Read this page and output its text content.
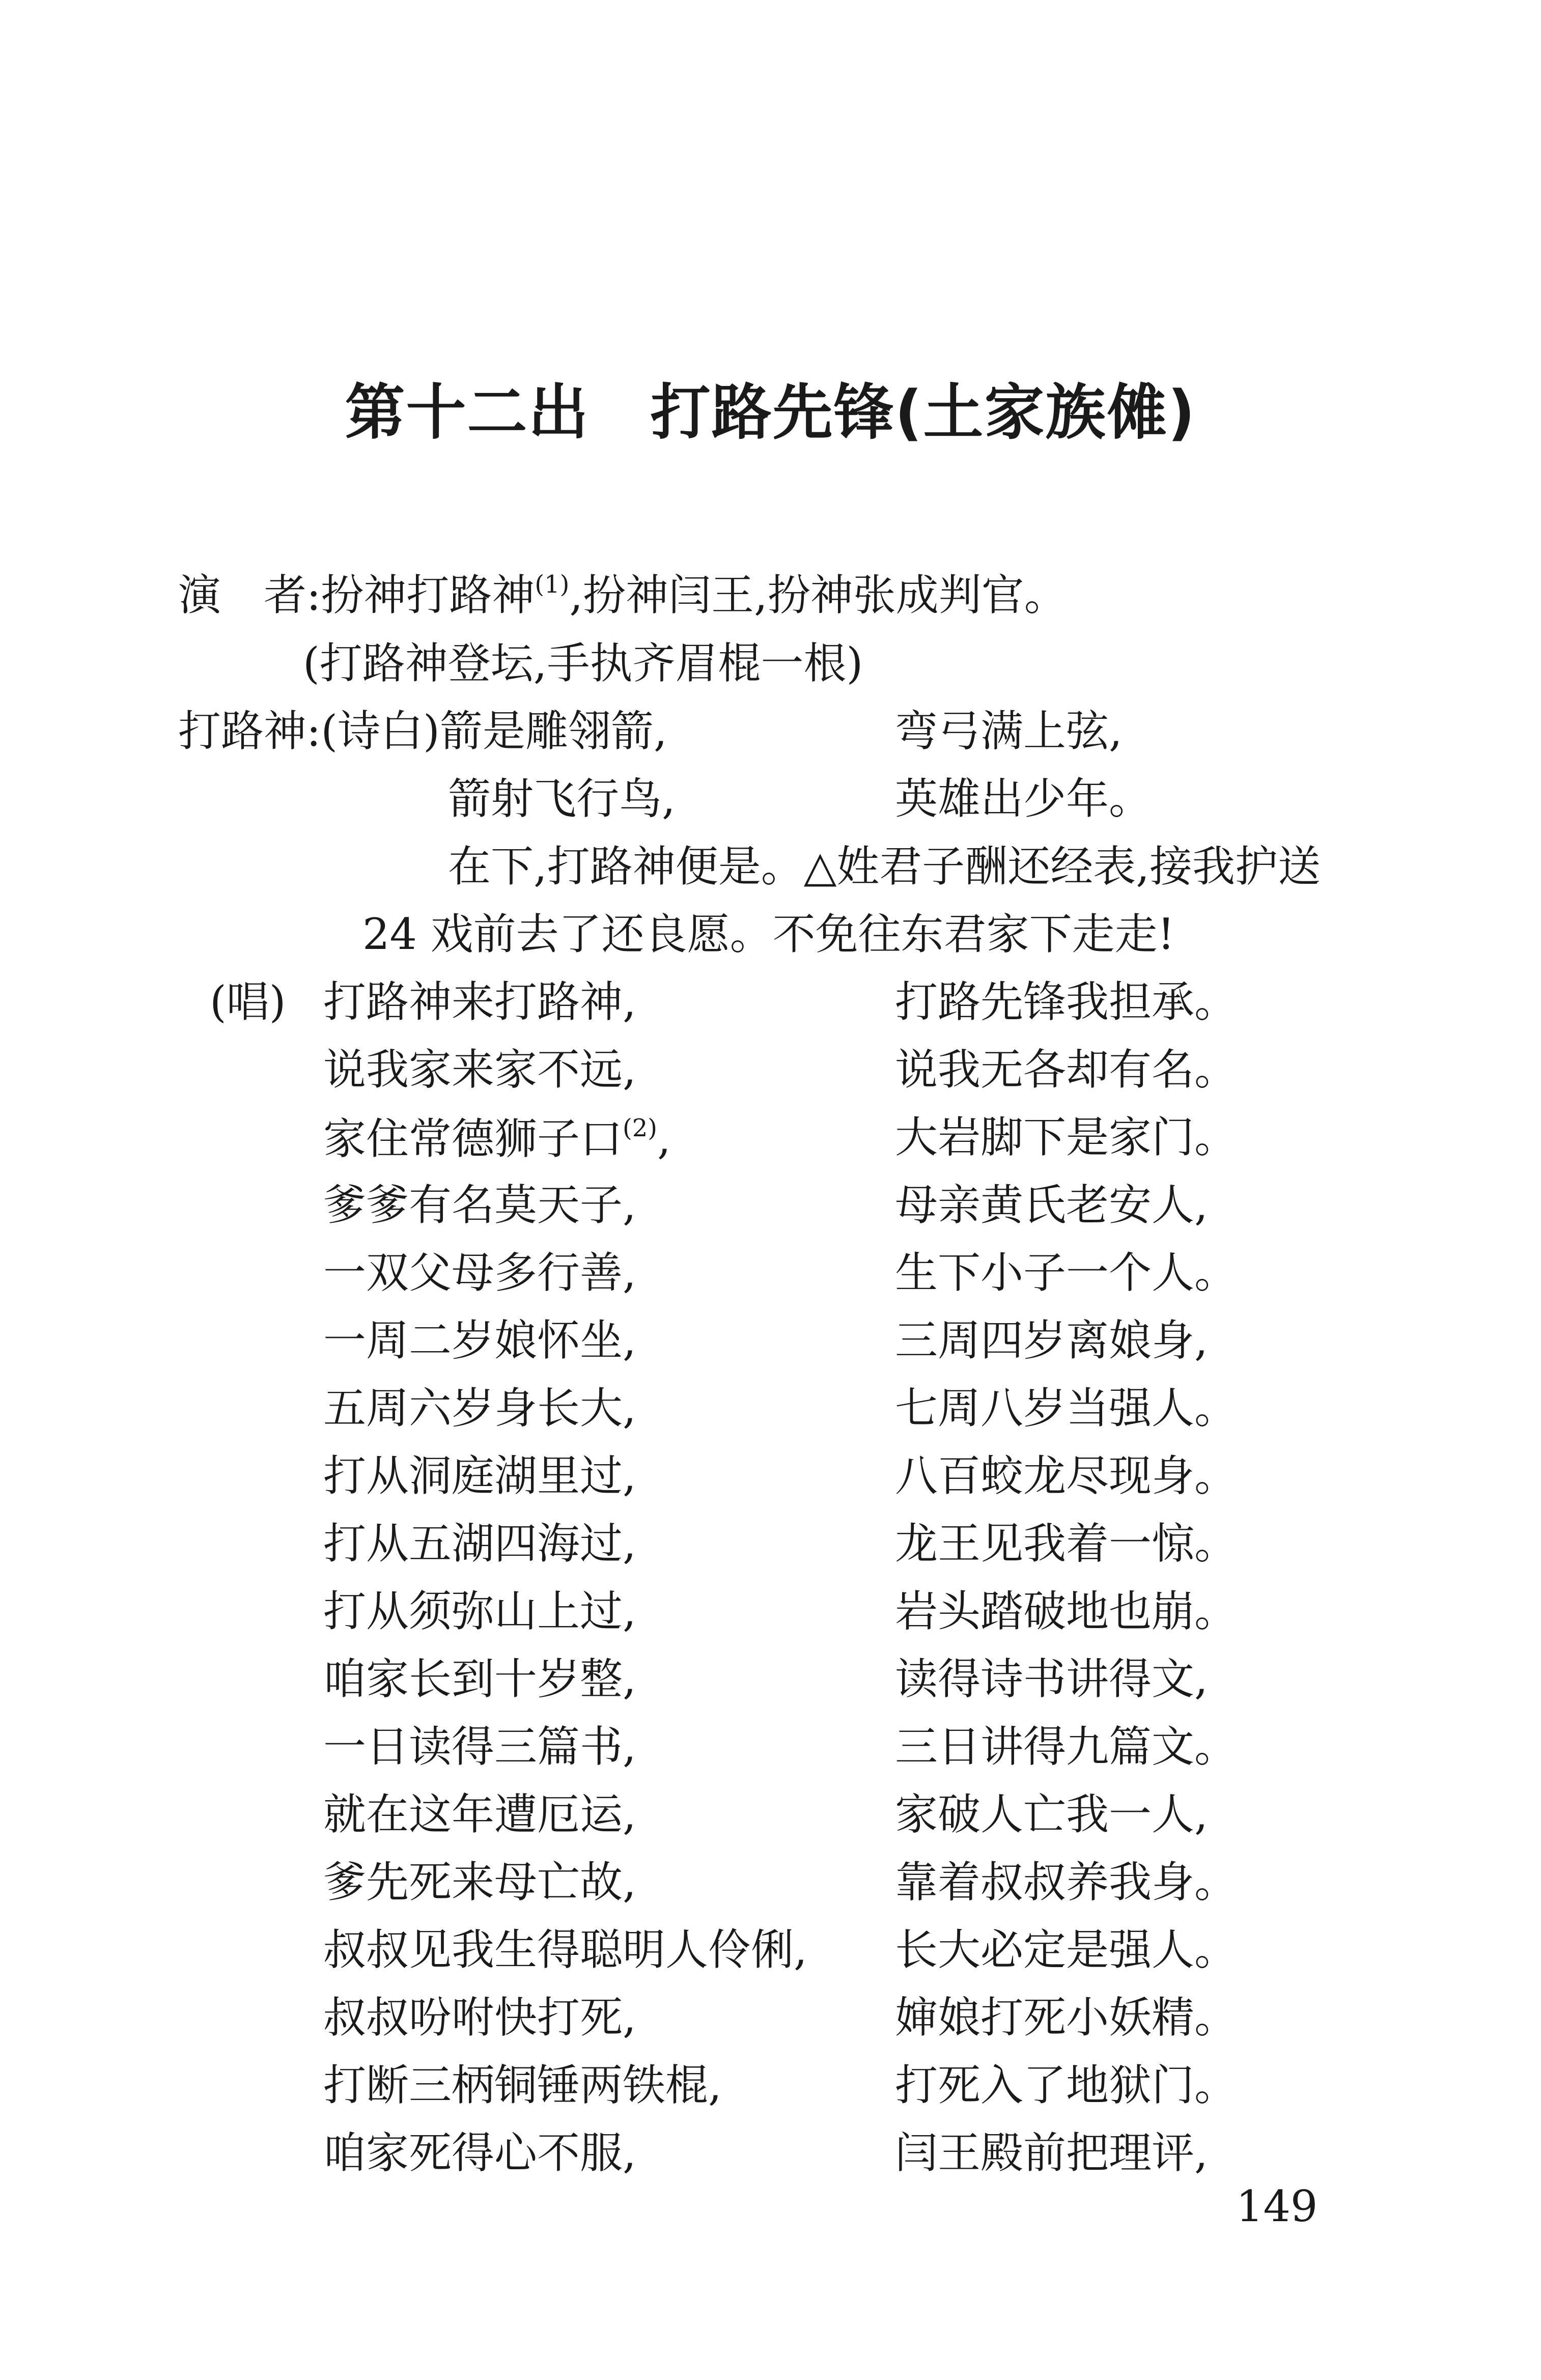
第十二出 打路先锋(土家族傩)
演　者:扮神打路神$^{(1)}$,扮神闫王,扮神张成判官。
(打路神登坛,手执齐眉棍一根)
打路神:(诗白)箭是雕翎箭,	弯弓满上弦,
箭射飞行鸟,	英雄出少年。
在下,打路神便是。△姓君子酬还经表,接我护送
24 戏前去了还良愿。不免往东君家下走走!
(唱) 打路神来打路神,	打路先锋我担承。
说我家来家不远,	说我无各却有名。
家住常德狮子口$^{(2)}$,	大岩脚下是家门。
爹爹有名莫天子,	母亲黄氏老安人,
一双父母多行善,	生下小子一个人。
一周二岁娘怀坐,	三周四岁离娘身,
五周六岁身长大,	七周八岁当强人。
打从洞庭湖里过,	八百蛟龙尽现身。
打从五湖四海过,	龙王见我着一惊。
打从须弥山上过,	岩头踏破地也崩。
咱家长到十岁整,	读得诗书讲得文,
一日读得三篇书,	三日讲得九篇文。
就在这年遭厄运,	家破人亡我一人,
爹先死来母亡故,	靠着叔叔养我身。
叔叔见我生得聪明人伶俐, 长大必定是强人。
叔叔吩咐快打死,	婶娘打死小妖精。
打断三柄铜锤两铁棍,	打死入了地狱门。
咱家死得心不服,	闫王殿前把理评,
149
